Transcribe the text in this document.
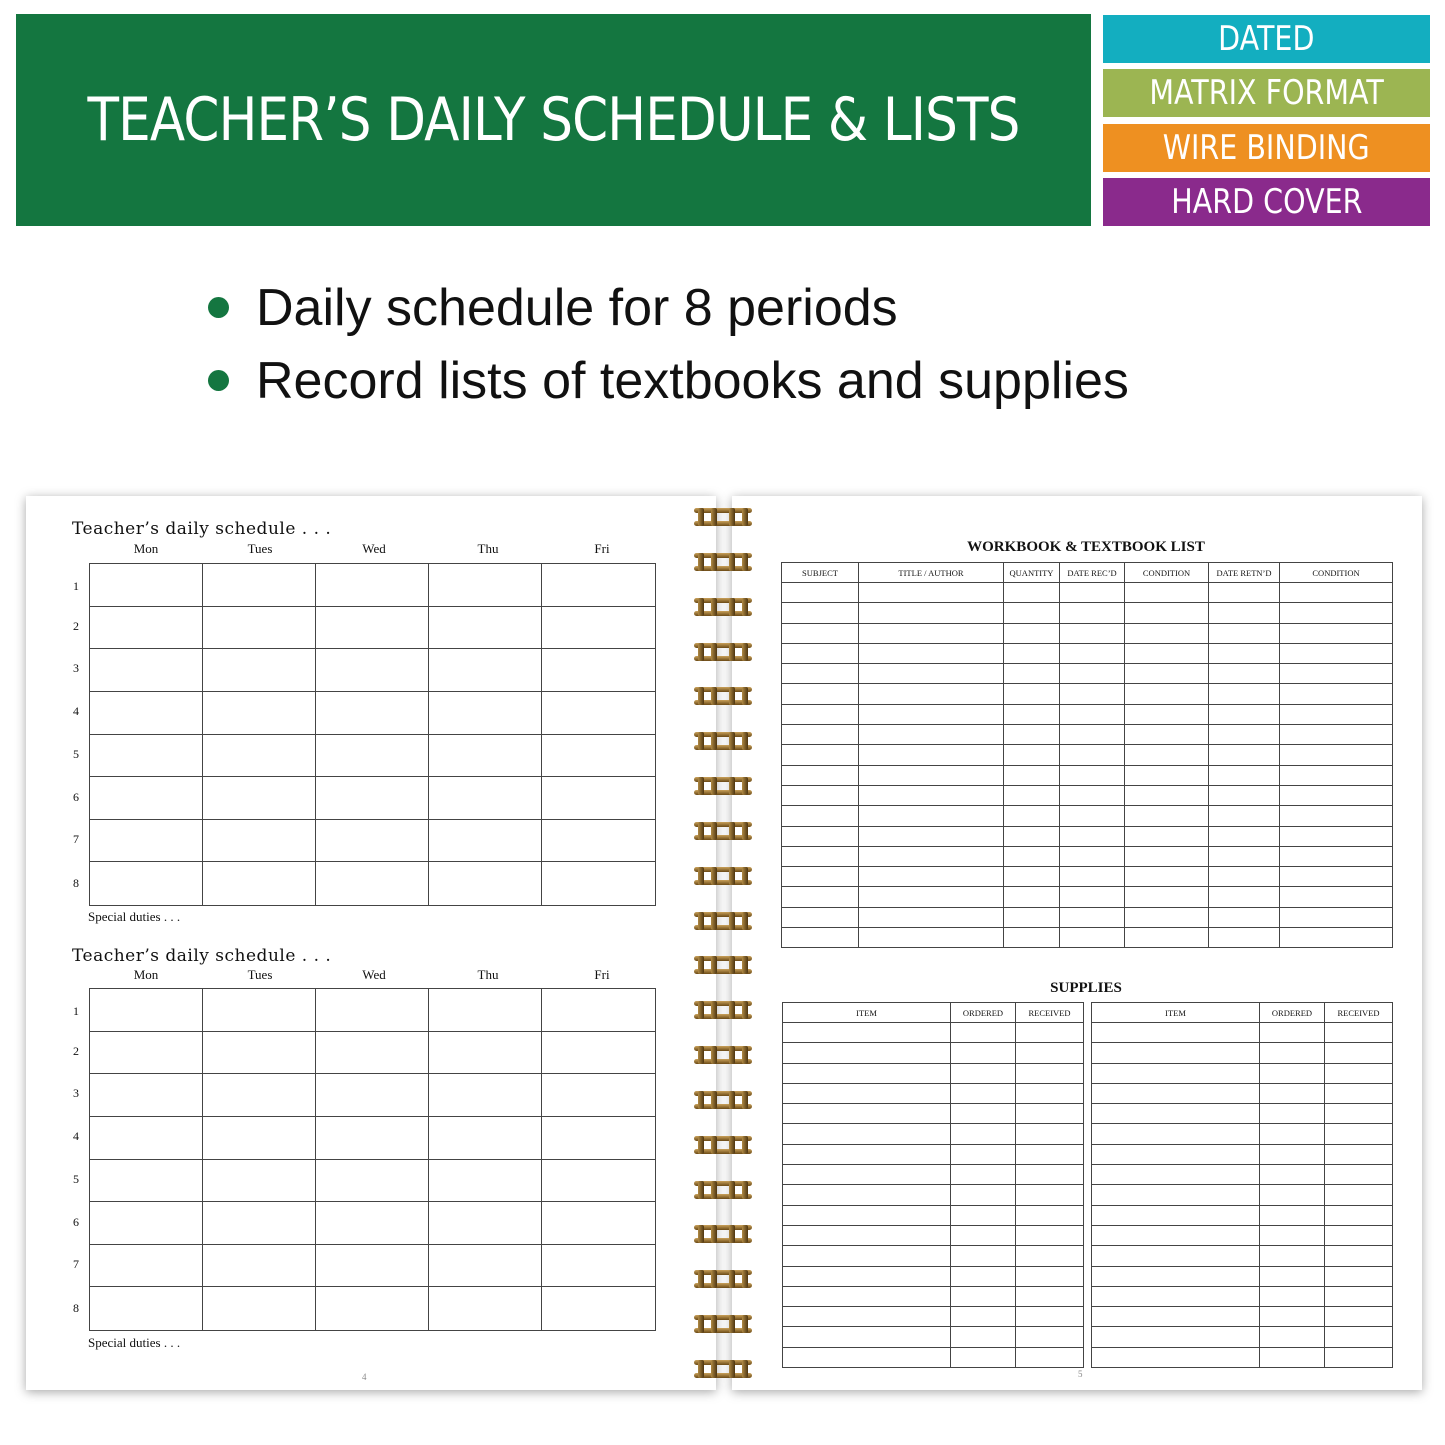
TEACHER’S DAILY SCHEDULE & LISTS
DATED
MATRIX FORMAT
WIRE BINDING
HARD COVER
Daily schedule for 8 periods
Record lists of textbooks and supplies
Teacher’s daily schedule . . .
Mon	Tues	Wed	Thu	Fri
1
2
3
4
5
6
7
8
Special duties . . .
Teacher’s daily schedule . . .
Mon	Tues	Wed	Thu	Fri
1
2
3
4
5
6
7
8
Special duties . . .
4
WORKBOOK & TEXTBOOK LIST
SUBJECT	TITLE / AUTHOR	QUANTITY	DATE REC’D	CONDITION	DATE RETN’D	CONDITION

SUPPLIES
ITEM	ORDERED	RECEIVED

			ITEM	ORDERED	RECEIVED

5
